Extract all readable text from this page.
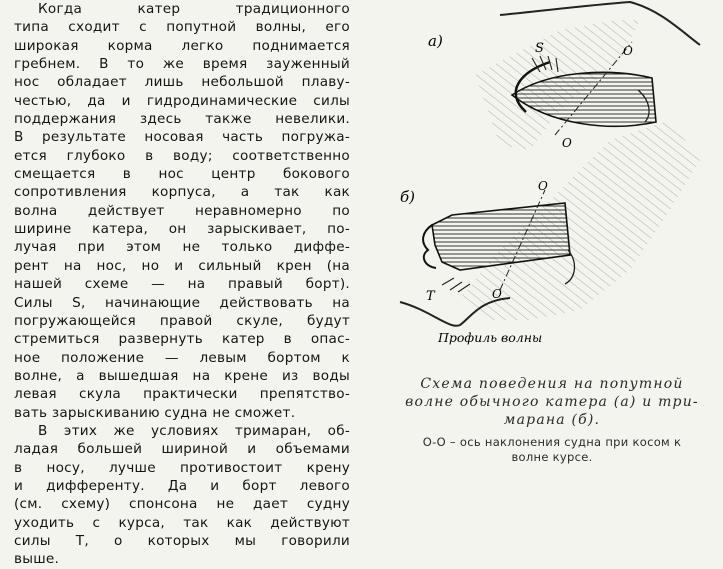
Когда катер традиционного
типа сходит с попутной волны, его
широкая корма легко поднимается
гребнем. В то же время зауженный
нос обладает лишь небольшой плаву-
честью, да и гидродинамические силы
поддержания здесь также невелики.
В результате носовая часть погружа-
ется глубоко в воду; соответственно
смещается в нос центр бокового
сопротивления корпуса, а так как
волна действует неравномерно по
ширине катера, он зарыскивает, по-
лучая при этом не только диффе-
рент на нос, но и сильный крен (на
нашей схеме — на правый борт).
Силы S, начинающие действовать на
погружающейся правой скуле, будут
стремиться развернуть катер в опас-
ное положение — левым бортом к
волне, а вышедшая на крене из воды
левая скула практически препятство-
вать зарыскиванию судна не сможет.
В этих же условиях тримаран, об-
ладая большей шириной и объемами
в носу, лучше противостоит крену
и дифференту. Да и борт левого
(см. схему) спонсона не дает судну
уходить с курса, так как действуют
силы T, о которых мы говорили
выше.
а)
б)
O
O
O
O
S
T
Профиль волны
Схема поведения на попутной
волне обычного катера (а) и три-
марана (б).
О-О – ось наклонения судна при косом к волне курсе.
